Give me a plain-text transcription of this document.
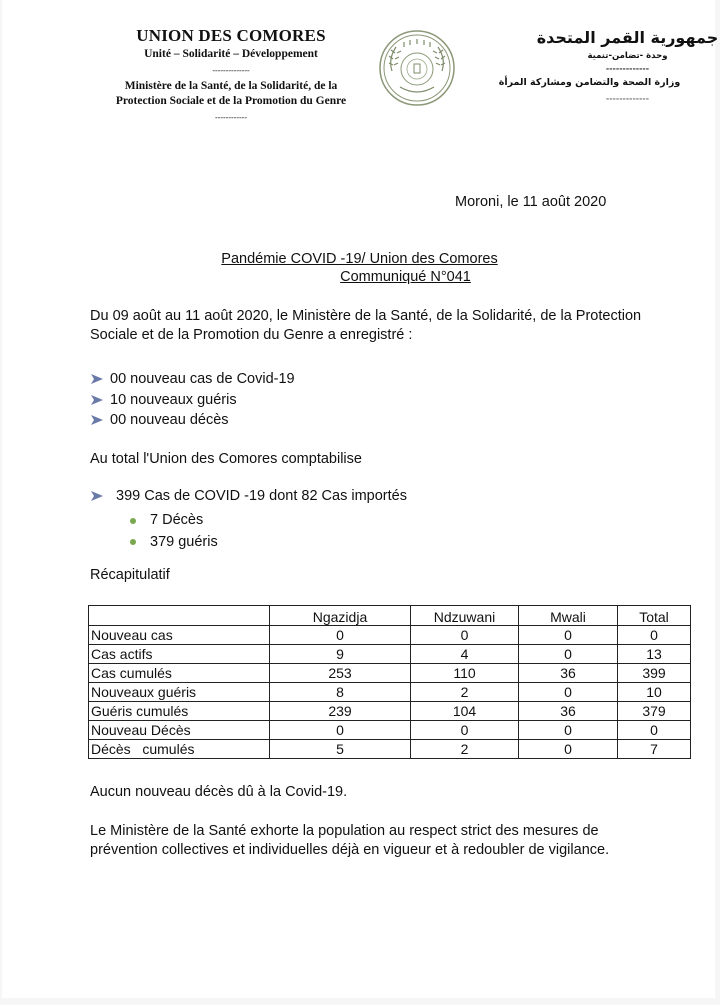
UNION DES COMORES
Unité – Solidarité – Développement
--------------
Ministère de la Santé, de la Solidarité, de la
Protection Sociale et de la Promotion du Genre
------------
جمهورية القمر المتحدة
وحدة -تضامن-تنمية
-------------
وزارة الصحة والتضامن ومشاركة المرأة
-------------
Moroni, le 11 août 2020
Pandémie COVID -19/ Union des Comores
Communiqué N°041
Du 09 août au 11 août 2020, le Ministère de la Santé, de la Solidarité, de la Protection Sociale et de la Promotion du Genre a enregistré :
00 nouveau cas de Covid-19
10 nouveaux guéris
00 nouveau décès
Au total l'Union des Comores comptabilise
399 Cas de COVID -19 dont 82 Cas importés
7 Décès
379 guéris
Récapitulatif
	Ngazidja	Ndzuwani	Mwali	Total
Nouveau cas	0	0	0	0
Cas actifs	9	4	0	13
Cas cumulés	253	110	36	399
Nouveaux guéris	8	2	0	10
Guéris cumulés	239	104	36	379
Nouveau Décès	0	0	0	0
Décès   cumulés	5	2	0	7
Aucun nouveau décès dû à la Covid-19.
Le Ministère de la Santé exhorte la population au respect strict des mesures de prévention collectives et individuelles déjà en vigueur et à redoubler de vigilance.
